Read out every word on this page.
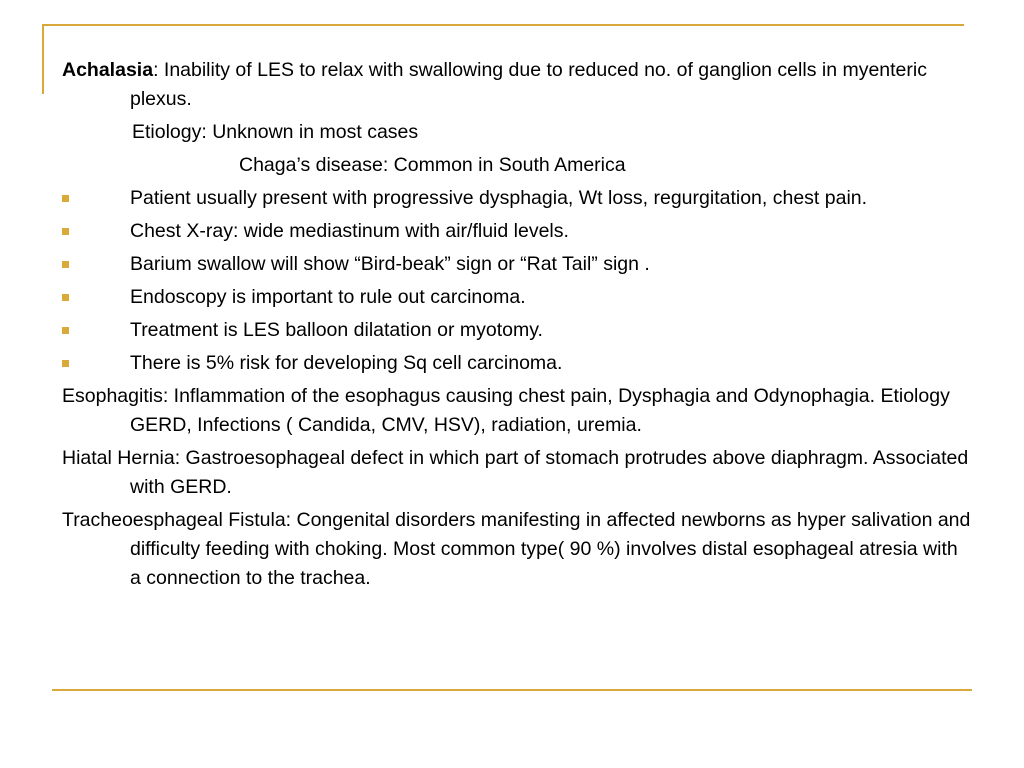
Achalasia: Inability of LES to relax with swallowing due to reduced no. of ganglion cells in myenteric plexus.

Etiology: Unknown in most cases

Chaga’s disease: Common in South America

Patient usually present with progressive dysphagia, Wt loss, regurgitation, chest pain.
Chest X-ray: wide mediastinum with air/fluid levels.
Barium swallow will show “Bird-beak” sign or “Rat Tail” sign .
Endoscopy is important to rule out carcinoma.
Treatment is LES balloon dilatation or myotomy.
There is 5% risk for developing Sq cell carcinoma.

Esophagitis: Inflammation of the esophagus causing chest pain, Dysphagia and Odynophagia. Etiology GERD, Infections ( Candida, CMV, HSV), radiation, uremia.

Hiatal Hernia: Gastroesophageal defect in which part of stomach protrudes above diaphragm. Associated with GERD.

Tracheoesphageal Fistula: Congenital disorders manifesting in affected newborns as hyper salivation and difficulty feeding with choking. Most common type( 90 %) involves distal esophageal atresia with a connection to the trachea.
